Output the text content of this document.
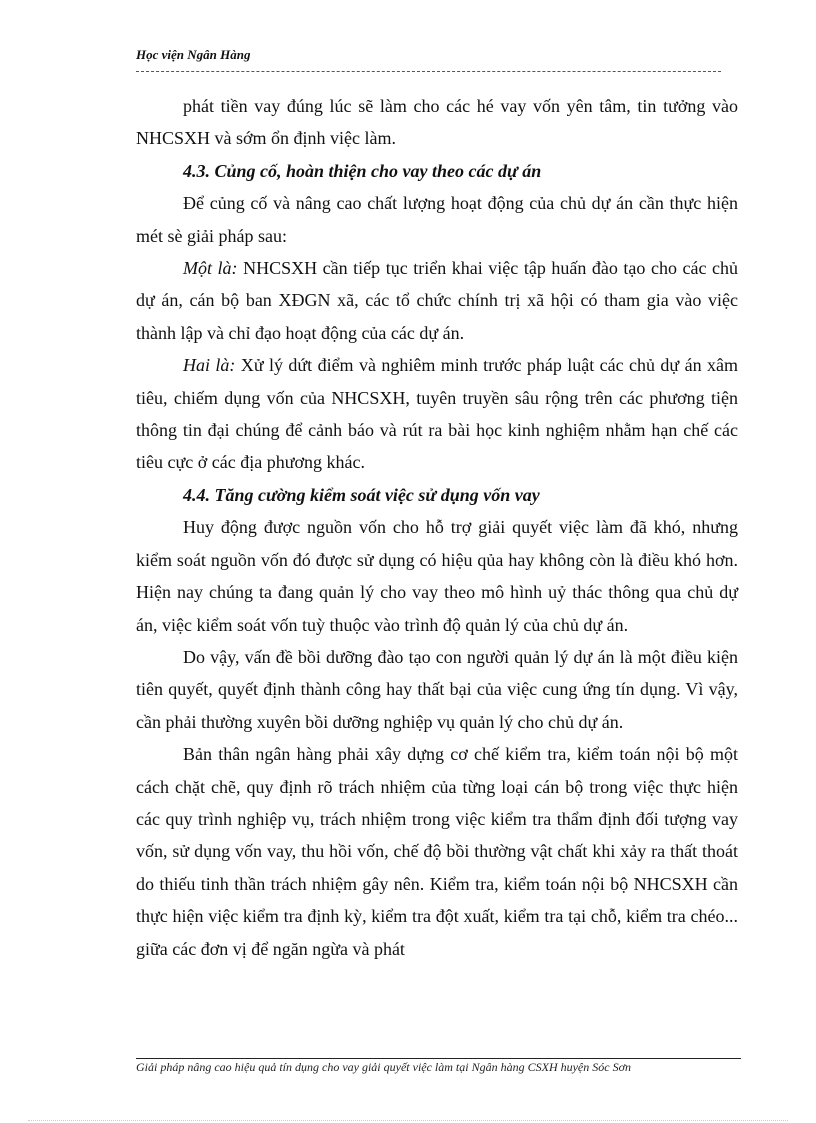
Học viện Ngân Hàng

phát tiền vay đúng lúc sẽ làm cho các hé vay vốn yên tâm, tin tưởng vào NHCSXH và sớm ổn định việc làm.

4.3. Củng cố, hoàn thiện cho vay theo các dự án

Để củng cố và nâng cao chất lượng hoạt động của chủ dự án cần thực hiện mét sè giải pháp sau:

Một là: NHCSXH cần tiếp tục triển khai việc tập huấn đào tạo cho các chủ dự án, cán bộ ban XĐGN xã, các tổ chức chính trị xã hội có tham gia vào việc thành lập và chỉ đạo hoạt động của các dự án.

Hai là: Xử lý dứt điểm và nghiêm minh trước pháp luật các chủ dự án xâm tiêu, chiếm dụng vốn của NHCSXH, tuyên truyền sâu rộng trên các phương tiện thông tin đại chúng để cảnh báo và rút ra bài học kinh nghiệm nhằm hạn chế các tiêu cực ở các địa phương khác.

4.4. Tăng cường kiểm soát việc sử dụng vốn vay

Huy động được nguồn vốn cho hỗ trợ giải quyết việc làm đã khó, nhưng kiểm soát nguồn vốn đó được sử dụng có hiệu qủa hay không còn là điều khó hơn. Hiện nay chúng ta đang quản lý cho vay theo mô hình uỷ thác thông qua chủ dự án, việc kiểm soát vốn tuỳ thuộc vào trình độ quản lý của chủ dự án.

Do vậy, vấn đề bồi dưỡng đào tạo con người quản lý dự án là một điều kiện tiên quyết, quyết định thành công hay thất bại của việc cung ứng tín dụng. Vì vậy, cần phải thường xuyên bồi dưỡng nghiệp vụ quản lý cho chủ dự án.

Bản thân ngân hàng phải xây dựng cơ chế kiểm tra, kiểm toán nội bộ một cách chặt chẽ, quy định rõ trách nhiệm của từng loại cán bộ trong việc thực hiện các quy trình nghiệp vụ, trách nhiệm trong việc kiểm tra thẩm định đối tượng vay vốn, sử dụng vốn vay, thu hồi vốn, chế độ bồi thường vật chất khi xảy ra thất thoát do thiếu tinh thần trách nhiệm gây nên. Kiểm tra, kiểm toán nội bộ NHCSXH cần thực hiện việc kiểm tra định kỳ, kiểm tra đột xuất, kiểm tra tại chỗ, kiểm tra chéo... giữa các đơn vị để ngăn ngừa và phát

Giải pháp nâng cao hiệu quả tín dụng cho vay giải quyết việc làm tại Ngân hàng CSXH huyện Sóc Sơn
